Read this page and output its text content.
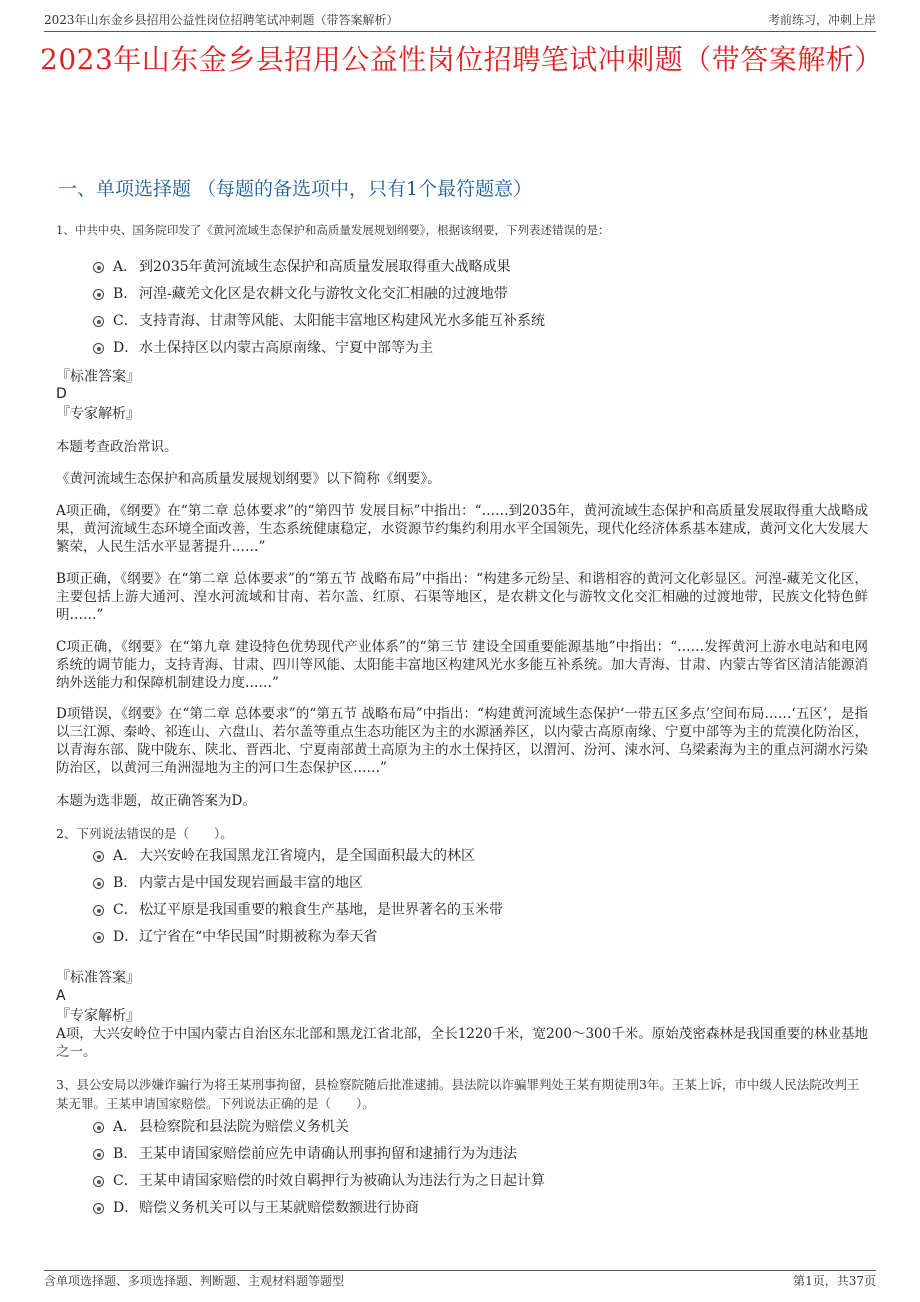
2023年山东金乡县招用公益性岗位招聘笔试冲刺题（带答案解析）	考前练习，冲刺上岸
2023年山东金乡县招用公益性岗位招聘笔试冲刺题（带答案解析）
一、单项选择题 （每题的备选项中，只有1个最符题意）
1、中共中央、国务院印发了《黄河流域生态保护和高质量发展规划纲要》，根据该纲要，下列表述错误的是：
A． 到2035年黄河流域生态保护和高质量发展取得重大战略成果
B. 河湟-藏羌文化区是农耕文化与游牧文化交汇相融的过渡地带
C．支持青海、甘肃等风能、太阳能丰富地区构建风光水多能互补系统
D．水土保持区以内蒙古高原南缘、宁夏中部等为主
『标准答案』
D
『专家解析』
本题考查政治常识。
《黄河流域生态保护和高质量发展规划纲要》以下简称《纲要》。
A项正确，《纲要》在“第二章 总体要求”的“第四节 发展目标”中指出：“……到2035年，黄河流域生态保护和高质量发展取得重大战略成果，黄河流域生态环境全面改善，生态系统健康稳定，水资源节约集约利用水平全国领先，现代化经济体系基本建成，黄河文化大发展大繁荣，人民生活水平显著提升……”
B项正确，《纲要》在“第二章 总体要求”的“第五节 战略布局”中指出：“构建多元纷呈、和谐相容的黄河文化彰显区。河湟-藏羌文化区，主要包括上游大通河、湟水河流域和甘南、若尔盖、红原、石渠等地区，是农耕文化与游牧文化交汇相融的过渡地带，民族文化特色鲜明……”
C项正确，《纲要》在“第九章 建设特色优势现代产业体系”的“第三节 建设全国重要能源基地”中指出：“……发挥黄河上游水电站和电网系统的调节能力，支持青海、甘肃、四川等风能、太阳能丰富地区构建风光水多能互补系统。加大青海、甘肃、内蒙古等省区清洁能源消纳外送能力和保障机制建设力度……”
D项错误，《纲要》在“第二章 总体要求”的“第五节 战略布局”中指出：“构建黄河流域生态保护‘一带五区多点’空间布局……‘五区’，是指以三江源、秦岭、祁连山、六盘山、若尔盖等重点生态功能区为主的水源涵养区，以内蒙古高原南缘、宁夏中部等为主的荒漠化防治区，以青海东部、陇中陇东、陕北、晋西北、宁夏南部黄土高原为主的水土保持区，以渭河、汾河、涑水河、乌梁素海为主的重点河湖水污染防治区，以黄河三角洲湿地为主的河口生态保护区……”
本题为选非题，故正确答案为D。
2、下列说法错误的是（　　）。
A． 大兴安岭在我国黑龙江省境内，是全国面积最大的林区
B. 内蒙古是中国发现岩画最丰富的地区
C．松辽平原是我国重要的粮食生产基地，是世界著名的玉米带
D．辽宁省在“中华民国”时期被称为奉天省
『标准答案』
A
『专家解析』
A项，大兴安岭位于中国内蒙古自治区东北部和黑龙江省北部，全长1220千米，宽200～300千米。原始茂密森林是我国重要的林业基地之一。
3、县公安局以涉嫌诈骗行为将王某刑事拘留，县检察院随后批准逮捕。县法院以诈骗罪判处王某有期徒刑3年。王某上诉，市中级人民法院改判王某无罪。王某申请国家赔偿。下列说法正确的是（　　）。
A． 县检察院和县法院为赔偿义务机关
B. 王某申请国家赔偿前应先申请确认刑事拘留和逮捕行为为违法
C．王某申请国家赔偿的时效自羁押行为被确认为违法行为之日起计算
D．赔偿义务机关可以与王某就赔偿数额进行协商
含单项选择题、多项选择题、判断题、主观材料题等题型	第1页，共37页
